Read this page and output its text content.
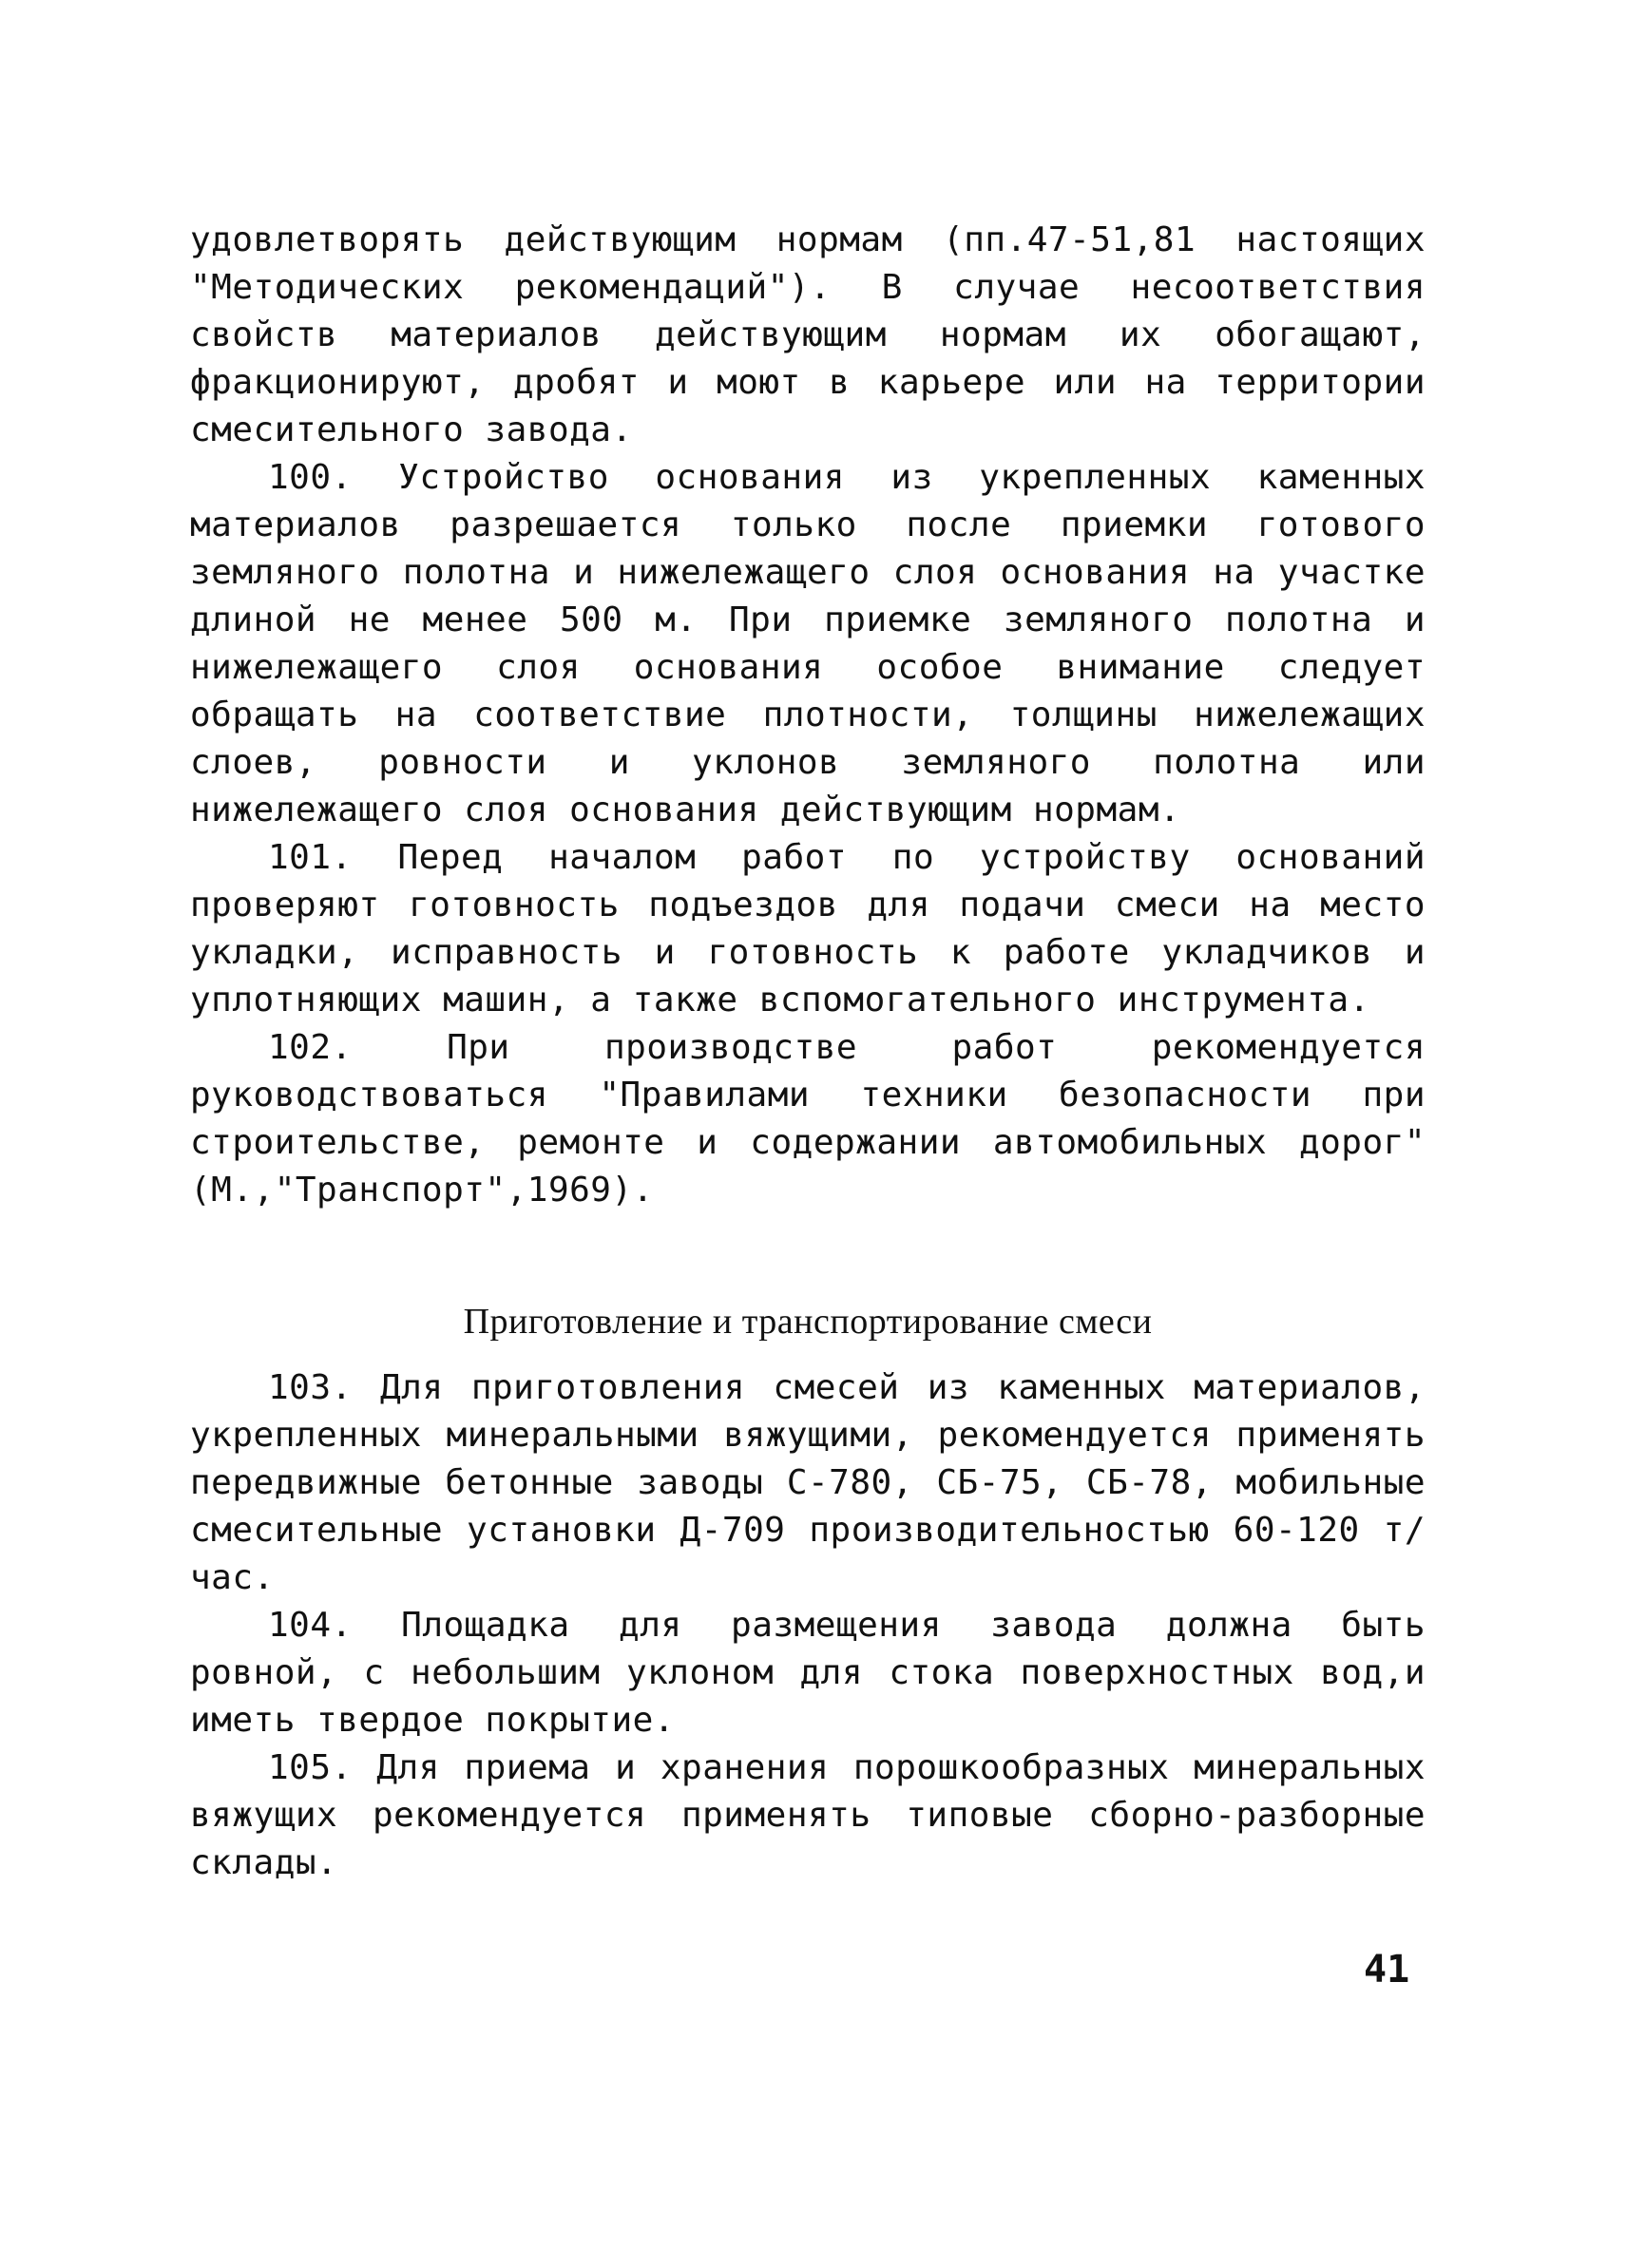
удовлетворять действующим нормам (пп.47-51,81 настоящих "Методических рекомендаций"). В случае несоответствия свойств материалов действующим нормам их обогащают, фракционируют, дробят и моют в карьере или на территории смесительного завода.

100. Устройство основания из укрепленных каменных материалов разрешается только после приемки готового земляного полотна и нижележащего слоя основания на участке длиной не менее 500 м. При приемке земляного полотна и нижележащего слоя основания особое внимание следует обращать на соответствие плотности, толщины нижележащих слоев, ровности и уклонов земляного полотна или нижележащего слоя основания действующим нормам.

101. Перед началом работ по устройству оснований проверяют готовность подъездов для подачи смеси на место укладки, исправность и готовность к работе укладчиков и уплотняющих машин, а также вспомогательного инструмента.

102. При производстве работ рекомендуется руководствоваться "Правилами техники безопасности при строительстве, ремонте и содержании автомобильных дорог" (М.,"Транспорт",1969).

Приготовление и транспортирование смеси

103. Для приготовления смесей из каменных материалов, укрепленных минеральными вяжущими, рекомендуется применять передвижные бетонные заводы С-780, СБ-75, СБ-78, мобильные смесительные установки Д-709 производительностью 60-120 т/час.

104. Площадка для размещения завода должна быть ровной, с небольшим уклоном для стока поверхностных вод,и иметь твердое покрытие.

105. Для приема и хранения порошкообразных минеральных вяжущих рекомендуется применять типовые сборно-разборные склады.

41
